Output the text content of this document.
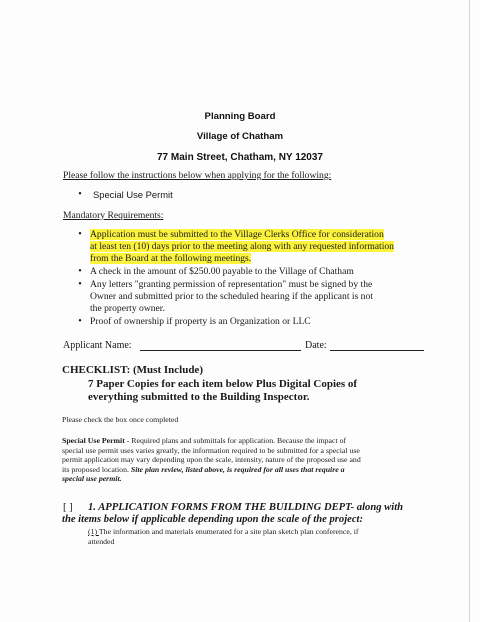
Planning Board
Village of Chatham
77 Main Street, Chatham, NY 12037
Please follow the instructions below when applying for the following:
• Special Use Permit
Mandatory Requirements:
• Application must be submitted to the Village Clerks Office for consideration
at least ten (10) days prior to the meeting along with any requested information
from the Board at the following meetings.
• A check in the amount of $250.00 payable to the Village of Chatham
• Any letters "granting permission of representation" must be signed by the
Owner and submitted prior to the scheduled hearing if the applicant is not
the property owner.
• Proof of ownership if property is an Organization or LLC
Applicant Name:	Date:
CHECKLIST: (Must Include)
7 Paper Copies for each item below Plus Digital Copies of
everything submitted to the Building Inspector.
Please check the box once completed
Special Use Permit - Required plans and submittals for application. Because the impact of
special use permit uses varies greatly, the information required to be submitted for a special use
permit application may vary depending upon the scale, intensity, nature of the proposed use and
its proposed location. Site plan review, listed above, is required for all uses that require a
special use permit.
[ ] 1. APPLICATION FORMS FROM THE BUILDING DEPT- along with
the items below if applicable depending upon the scale of the project:
(1) The information and materials enumerated for a site plan sketch plan conference, if
attended
